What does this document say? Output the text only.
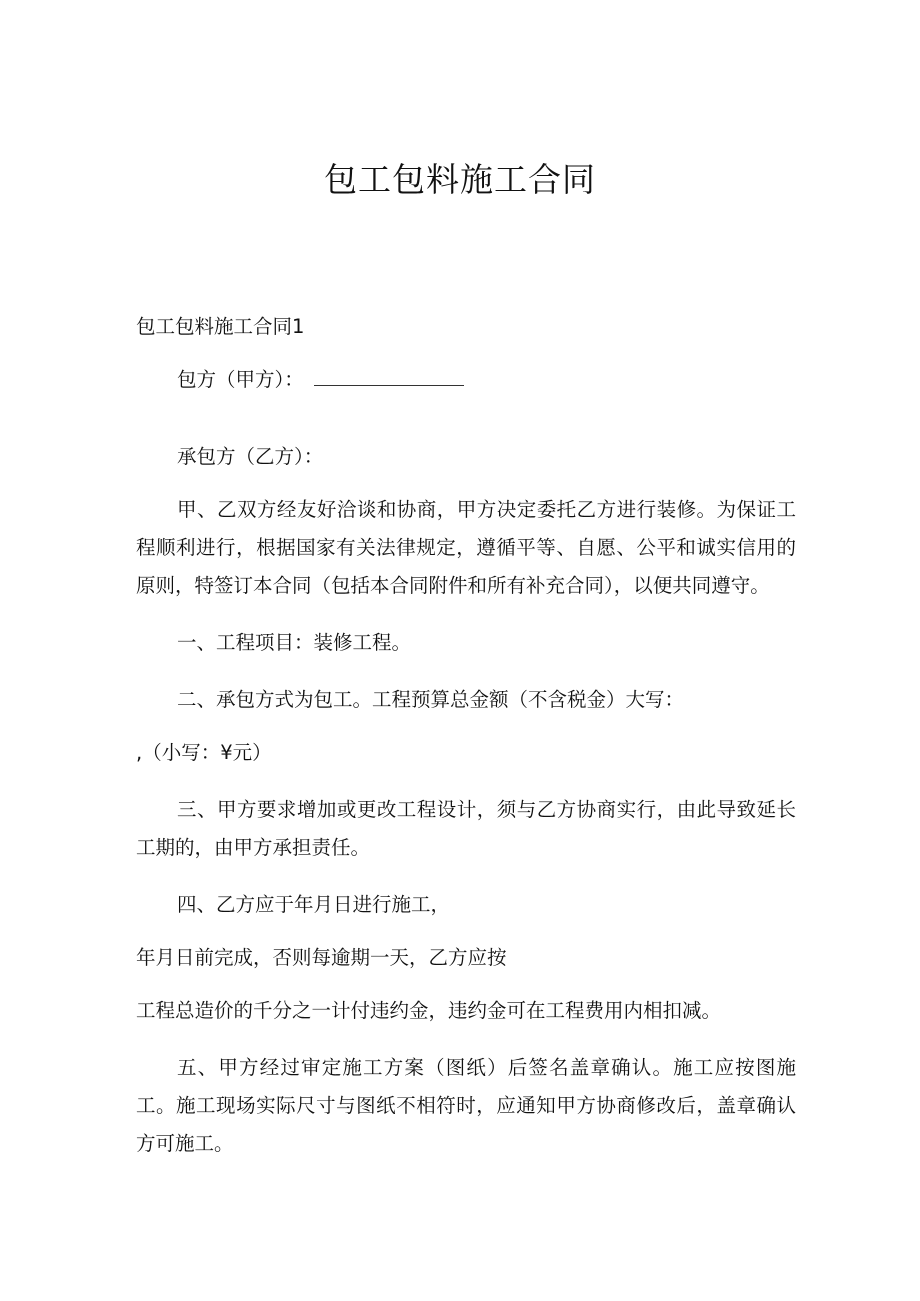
包工包料施工合同

包工包料施工合同1

包方（甲方）：

承包方（乙方）：

甲、乙双方经友好洽谈和协商，甲方决定委托乙方进行装修。为保证工程顺利进行，根据国家有关法律规定，遵循平等、自愿、公平和诚实信用的原则，特签订本合同（包括本合同附件和所有补充合同），以便共同遵守。

一、工程项目：装修工程。

二、承包方式为包工。工程预算总金额（不含税金）大写：

,（小写：¥元）

三、甲方要求增加或更改工程设计，须与乙方协商实行，由此导致延长工期的，由甲方承担责任。

四、乙方应于年月日进行施工，

年月日前完成，否则每逾期一天，乙方应按

工程总造价的千分之一计付违约金，违约金可在工程费用内相扣减。

五、甲方经过审定施工方案（图纸）后签名盖章确认。施工应按图施工。施工现场实际尺寸与图纸不相符时，应通知甲方协商修改后，盖章确认方可施工。
